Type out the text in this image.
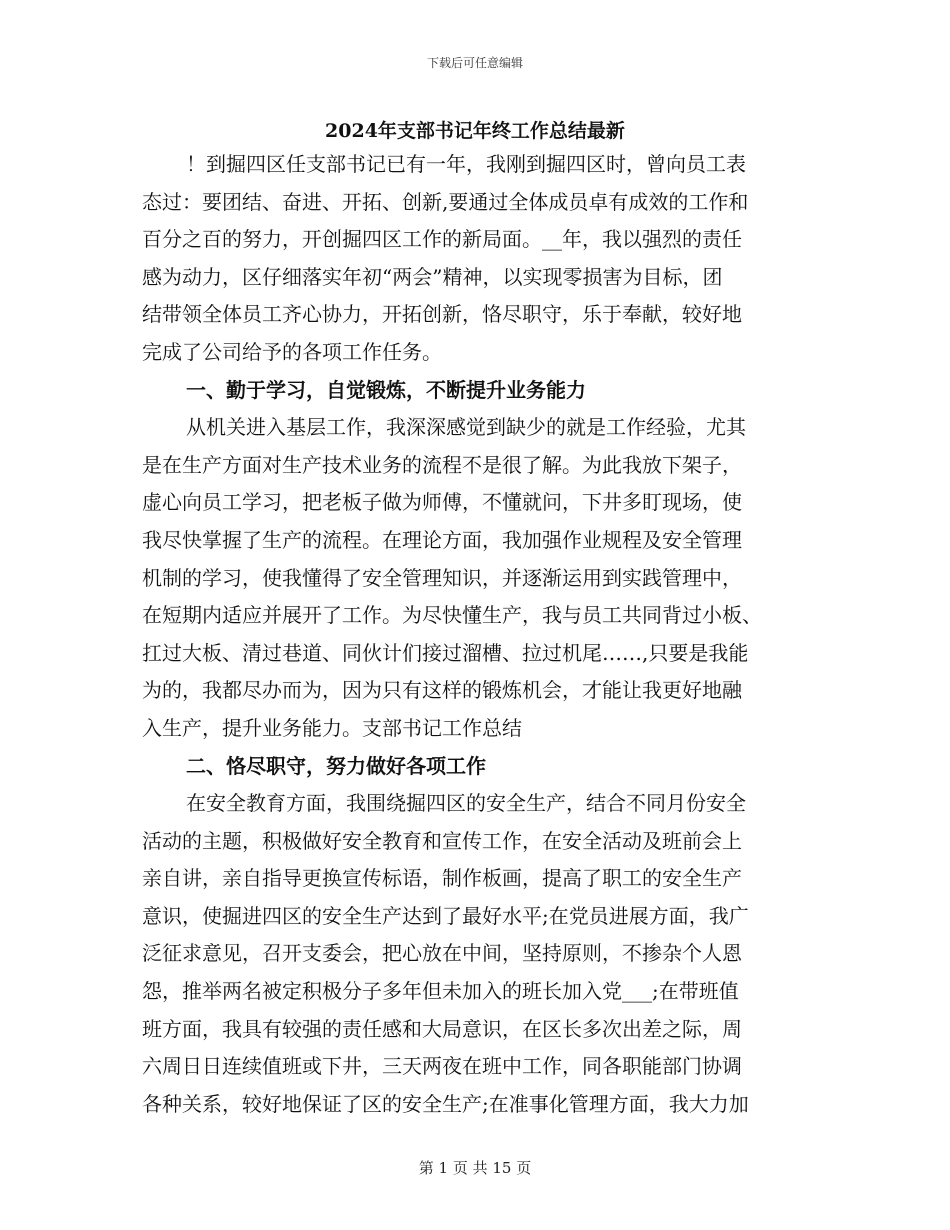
下载后可任意编辑
2024年支部书记年终工作总结最新
！到掘四区任支部书记已有一年，我刚到掘四区时，曾向员工表
态过：要团结、奋进、开拓、创新,要通过全体成员卓有成效的工作和
百分之百的努力，开创掘四区工作的新局面。__年，我以强烈的责任
感为动力，区仔细落实年初“两会”精神，以实现零损害为目标，团
结带领全体员工齐心协力，开拓创新，恪尽职守，乐于奉献，较好地
完成了公司给予的各项工作任务。
一、勤于学习，自觉锻炼，不断提升业务能力
从机关进入基层工作，我深深感觉到缺少的就是工作经验，尤其
是在生产方面对生产技术业务的流程不是很了解。为此我放下架子，
虚心向员工学习，把老板子做为师傅，不懂就问，下井多盯现场，使
我尽快掌握了生产的流程。在理论方面，我加强作业规程及安全管理
机制的学习，使我懂得了安全管理知识，并逐渐运用到实践管理中，
在短期内适应并展开了工作。为尽快懂生产，我与员工共同背过小板、
扛过大板、清过巷道、同伙计们接过溜槽、拉过机尾……,只要是我能
为的，我都尽办而为，因为只有这样的锻炼机会，才能让我更好地融
入生产，提升业务能力。支部书记工作总结
二、恪尽职守，努力做好各项工作
在安全教育方面，我围绕掘四区的安全生产，结合不同月份安全
活动的主题，积极做好安全教育和宣传工作，在安全活动及班前会上
亲自讲，亲自指导更换宣传标语，制作板画，提高了职工的安全生产
意识，使掘进四区的安全生产达到了最好水平;在党员进展方面，我广
泛征求意见，召开支委会，把心放在中间，坚持原则，不掺杂个人恩
怨，推举两名被定积极分子多年但未加入的班长加入党___;在带班值
班方面，我具有较强的责任感和大局意识，在区长多次出差之际，周
六周日日连续值班或下井，三天两夜在班中工作，同各职能部门协调
各种关系，较好地保证了区的安全生产;在准事化管理方面，我大力加
第 1 页 共 15 页
